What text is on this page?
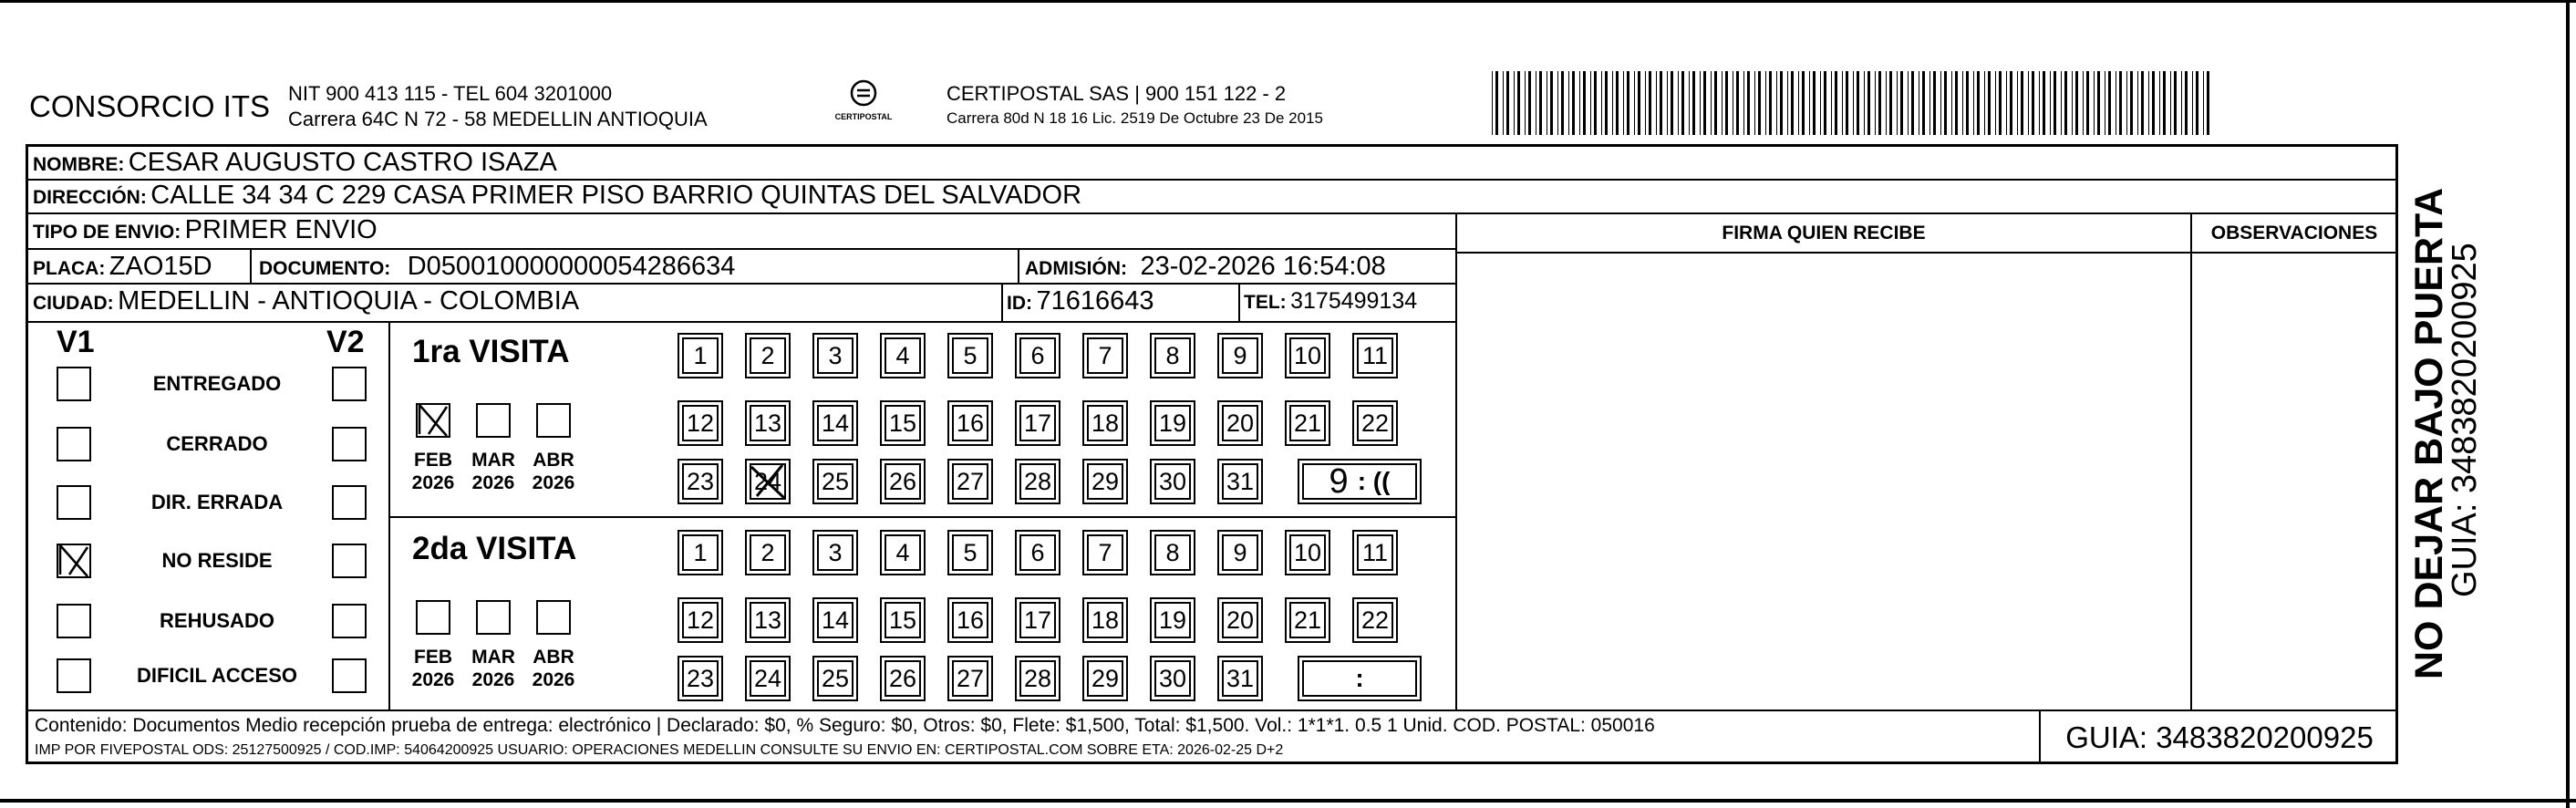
CONSORCIO ITS NIT 900 413 115 - TEL 604 3201000
Carrera 64C N 72 - 58 MEDELLIN ANTIOQUIA	CERTIPOSTAL
CERTIPOSTAL SAS | 900 151 122 - 2
Carrera 80d N 18 16 Lic. 2519 De Octubre 23 De 2015
NOMBRE: CESAR AUGUSTO CASTRO ISAZA
DIRECCIÓN: CALLE 34 34 C 229 CASA PRIMER PISO BARRIO QUINTAS DEL SALVADOR
TIPO DE ENVIO: PRIMER ENVIO	FIRMA QUIEN RECIBE	OBSERVACIONES
PLACA: ZAO15D DOCUMENTO: D050010000000054286634	ADMISIÓN: 23-02-2026 16:54:08
CIUDAD: MEDELLIN - ANTIOQUIA - COLOMBIA	ID: 71616643	TEL: 3175499134
V1	V2
ENTREGADO
CERRADO
DIR. ERRADA
NO RESIDE
REHUSADO
DIFICIL ACCESO
1ra VISITA
FEB
2026
MAR
2026
ABR
2026
1	2	3	4	5	6	7	8	9	10 11
12 13 14 15 16 17 18 19 20 21 22
23 24 25 26 27 28 29 30 31 9 : ((
2da VISITA
FEB
2026
MAR
2026
ABR
2026
1	2	3	4	5	6	7	8	9	10 11
12 13 14 15 16 17 18 19 20 21 22
23 24 25 26 27 28 29 30 31	:
Contenido: Documentos Medio recepción prueba de entrega: electrónico | Declarado: $0, % Seguro: $0, Otros: $0, Flete: $1,500, Total: $1,500. Vol.: 1*1*1. 0.5 1 Unid. COD. POSTAL: 050016
IMP POR FIVEPOSTAL ODS: 25127500925 / COD.IMP: 54064200925 USUARIO: OPERACIONES MEDELLIN CONSULTE SU ENVIO EN: CERTIPOSTAL.COM SOBRE ETA: 2026-02-25 D+2	GUIA: 3483820200925
NO DEJAR BAJO PUERTA
GUIA: 3483820200925
